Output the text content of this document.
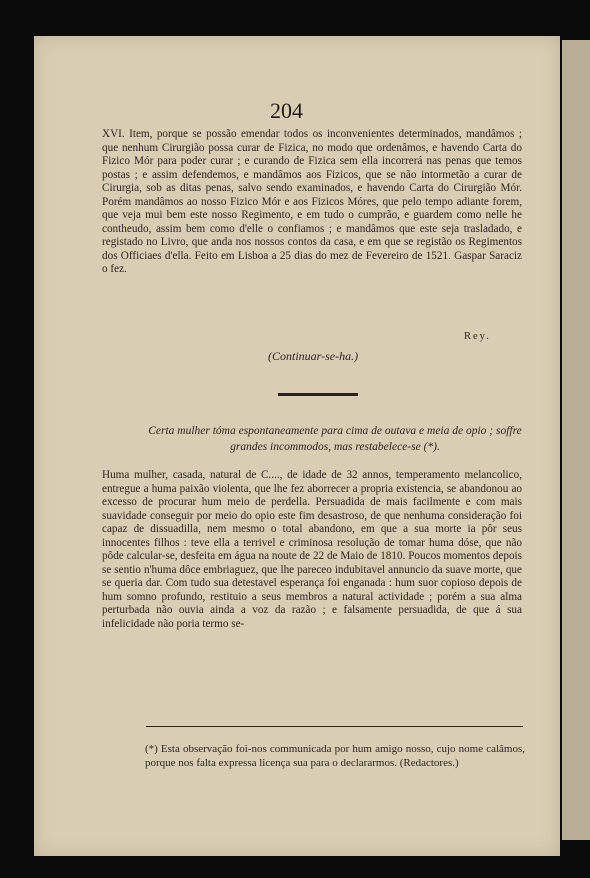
204
XVI. Item, porque se possão emendar todos os inconvenientes determinados, mandâmos ; que nenhum Cirurgião possa curar de Fizica, no modo que ordenâmos, e havendo Carta do Fizico Mór para poder curar ; e curando de Fizica sem ella incorrerá nas penas que temos postas ; e assim defendemos, e mandâmos aos Fizicos, que se não intormetão a curar de Cirurgia, sob as ditas penas, salvo sendo examinados, e havendo Carta do Cirurgião Mór. Porém mandâmos ao nosso Fizico Mór e aos Fizicos Móres, que pelo tempo adiante forem, que veja mui bem este nosso Regimento, e em tudo o cumprão, e guardem como nelle he contheudo, assim bem como d'elle o confiamos ; e mandâmos que este seja trasladado, e registado no Livro, que anda nos nossos contos da casa, e em que se registão os Regimentos dos Officiaes d'ella. Feito em Lisboa a 25 dias do mez de Fevereiro de 1521. Gaspar Saraciz o fez.
Rey.
(Continuar-se-ha.)
Certa mulher tóma espontaneamente para cima de outava e meia de opio ; soffre grandes incommodos, mas restabelece-se (*).
Huma mulher, casada, natural de C...., de idade de 32 annos, temperamento melancolico, entregue a huma paixão violenta, que lhe fez aborrecer a propria existencia, se abandonou ao excesso de procurar hum meio de perdella. Persuadida de mais facilmente e com mais suavidade conseguir por meio do opio este fim desastroso, de que nenhuma consideração foi capaz de dissuadilla, nem mesmo o total abandono, em que a sua morte ia pôr seus innocentes filhos : teve ella a terrivel e criminosa resolução de tomar huma dóse, que não pôde calcular-se, desfeita em água na noute de 22 de Maio de 1810. Poucos momentos depois se sentio n'huma dôce embriaguez, que lhe pareceo indubitavel annuncio da suave morte, que se queria dar. Com tudo sua detestavel esperança foi enganada : hum suor copioso depois de hum somno profundo, restituio a seus membros a natural actividade ; porém a sua alma perturbada não ouvia ainda a voz da razão ; e falsamente persuadida, de que á sua infelicidade não poria termo se-
(*) Esta observação foi-nos communicada por hum amigo nosso, cujo nome calâmos, porque nos falta expressa licença sua para o declararmos. (Redactores.)
